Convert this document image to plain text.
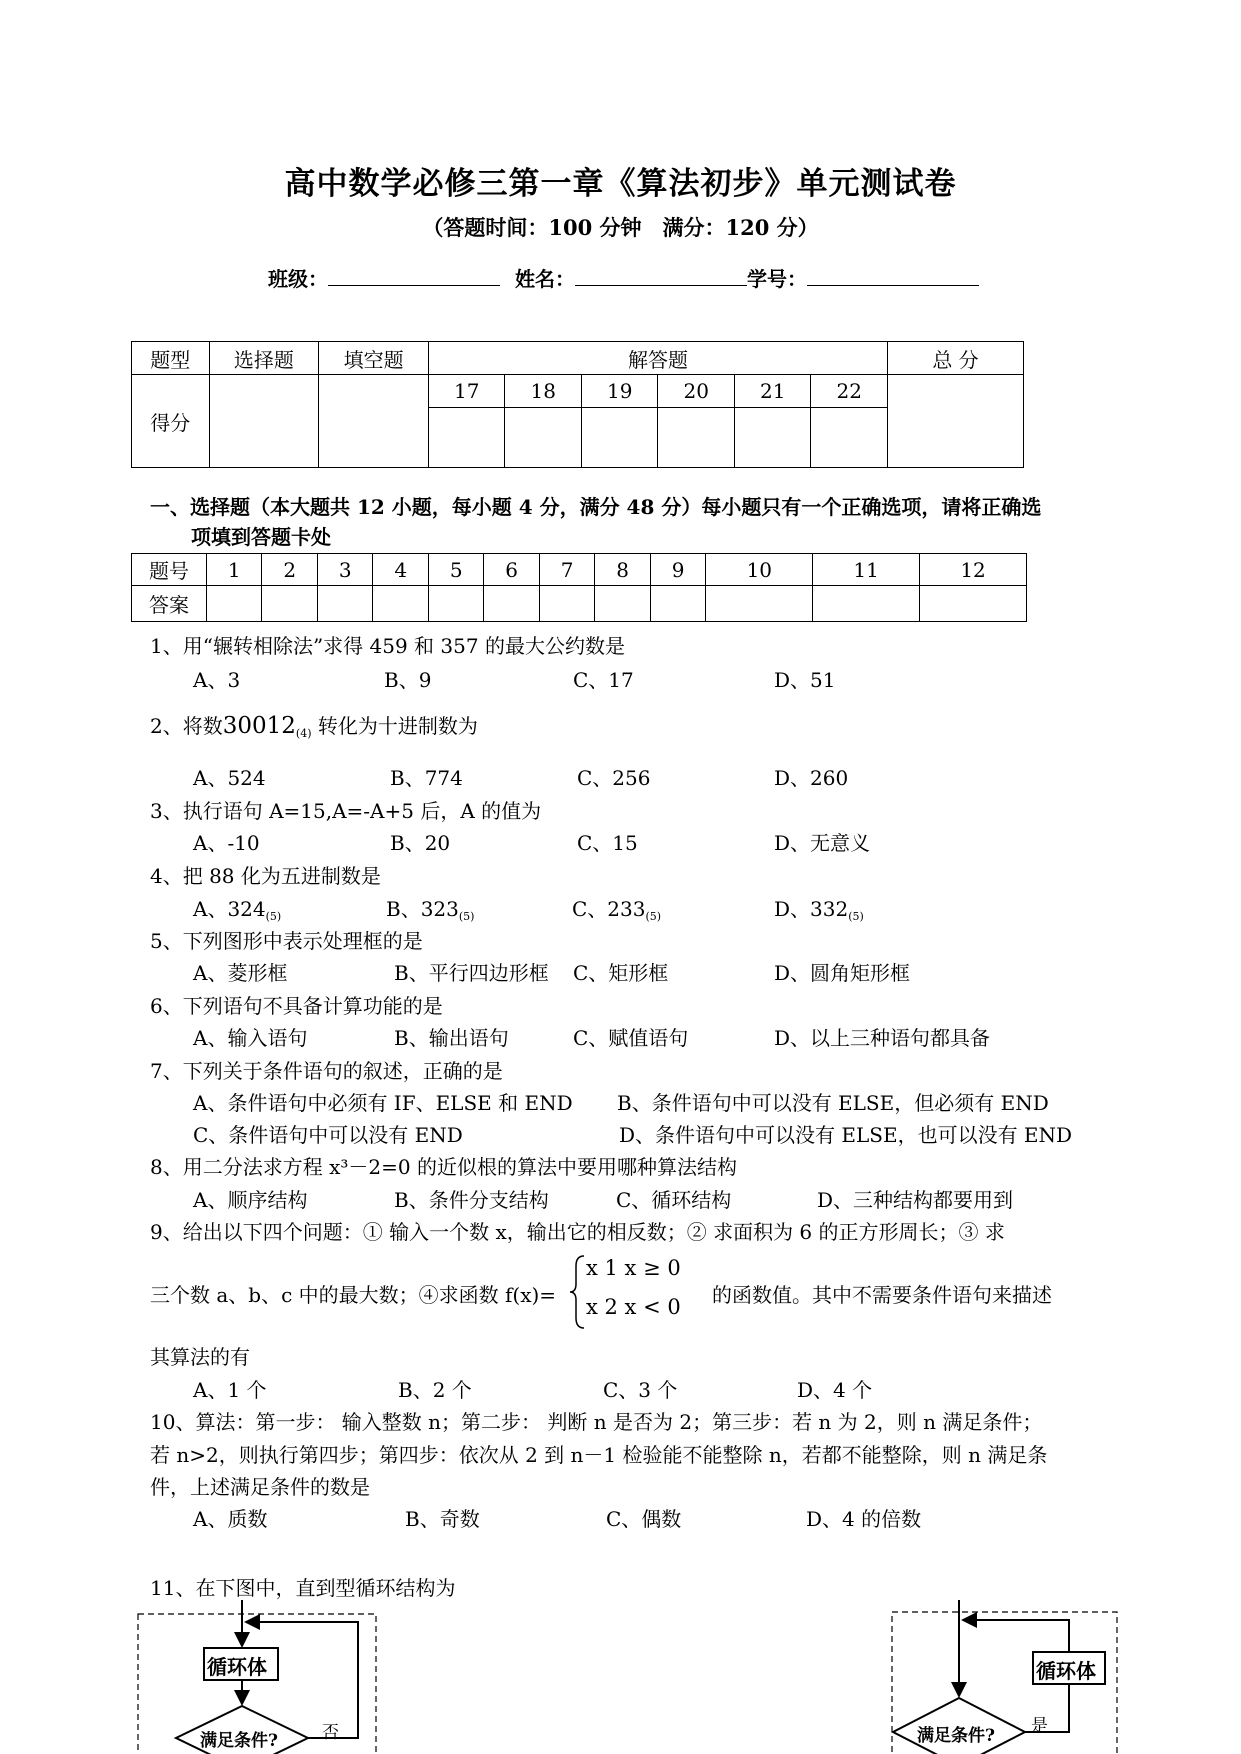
高中数学必修三第一章《算法初步》单元测试卷
（答题时间：100 分钟　满分：120 分）
班级：	姓名：	学号：
题型	选择题	填空题	解答题						总 分
得分			17	18	19	20	21	22	

一、选择题（本大题共 12 小题，每小题 4 分，满分 48 分）每小题只有一个正确选项，请将正确选
项填到答题卡处
题号	1	2	3	4	5	6	7	8	9	10	11	12
答案												
1、用“辗转相除法”求得 459 和 357 的最大公约数是
A、3	B、9	C、17	D、51
2、将数$30012_{(4)}$ 转化为十进制数为
A、524	B、774	C、256	D、260
3、执行语句 A=15,A=-A+5 后，A 的值为
A、-10	B、20	C、15	D、无意义
4、把 88 化为五进制数是
A、$324_{(5)}$	B、$323_{(5)}$	C、$233_{(5)}$	D、$332_{(5)}$
5、下列图形中表示处理框的是
A、菱形框	B、平行四边形框 C、矩形框	D、圆角矩形框
6、下列语句不具备计算功能的是
A、输入语句	B、输出语句	C、赋值语句	D、以上三种语句都具备
7、下列关于条件语句的叙述，正确的是
A、条件语句中必须有 IF、ELSE 和 END B、条件语句中可以没有 ELSE，但必须有 END
C、条件语句中可以没有 END	D、条件语句中可以没有 ELSE，也可以没有 END
8、用二分法求方程 x³－2=0 的近似根的算法中要用哪种算法结构
A、顺序结构	B、条件分支结构	C、循环结构	D、三种结构都要用到
9、给出以下四个问题：① 输入一个数 x，输出它的相反数；② 求面积为 6 的正方形周长；③ 求
三个数 a、b、c 中的最大数；④求函数 f(x)=
x 1 x ≥ 0
x 2 x < 0 的函数值。其中不需要条件语句来描述
其算法的有
A、1 个	B、2 个	C、3 个	D、4 个
10、算法：第一步： 输入整数 n；第二步： 判断 n 是否为 2；第三步：若 n 为 2，则 n 满足条件；
若 n>2，则执行第四步；第四步：依次从 2 到 n－1 检验能不能整除 n，若都不能整除，则 n 满足条
件，上述满足条件的数是
A、质数	B、奇数	C、偶数	D、4 的倍数
11、在下图中，直到型循环结构为
循环体
满足条件?	否
循环体
满足条件? 是
